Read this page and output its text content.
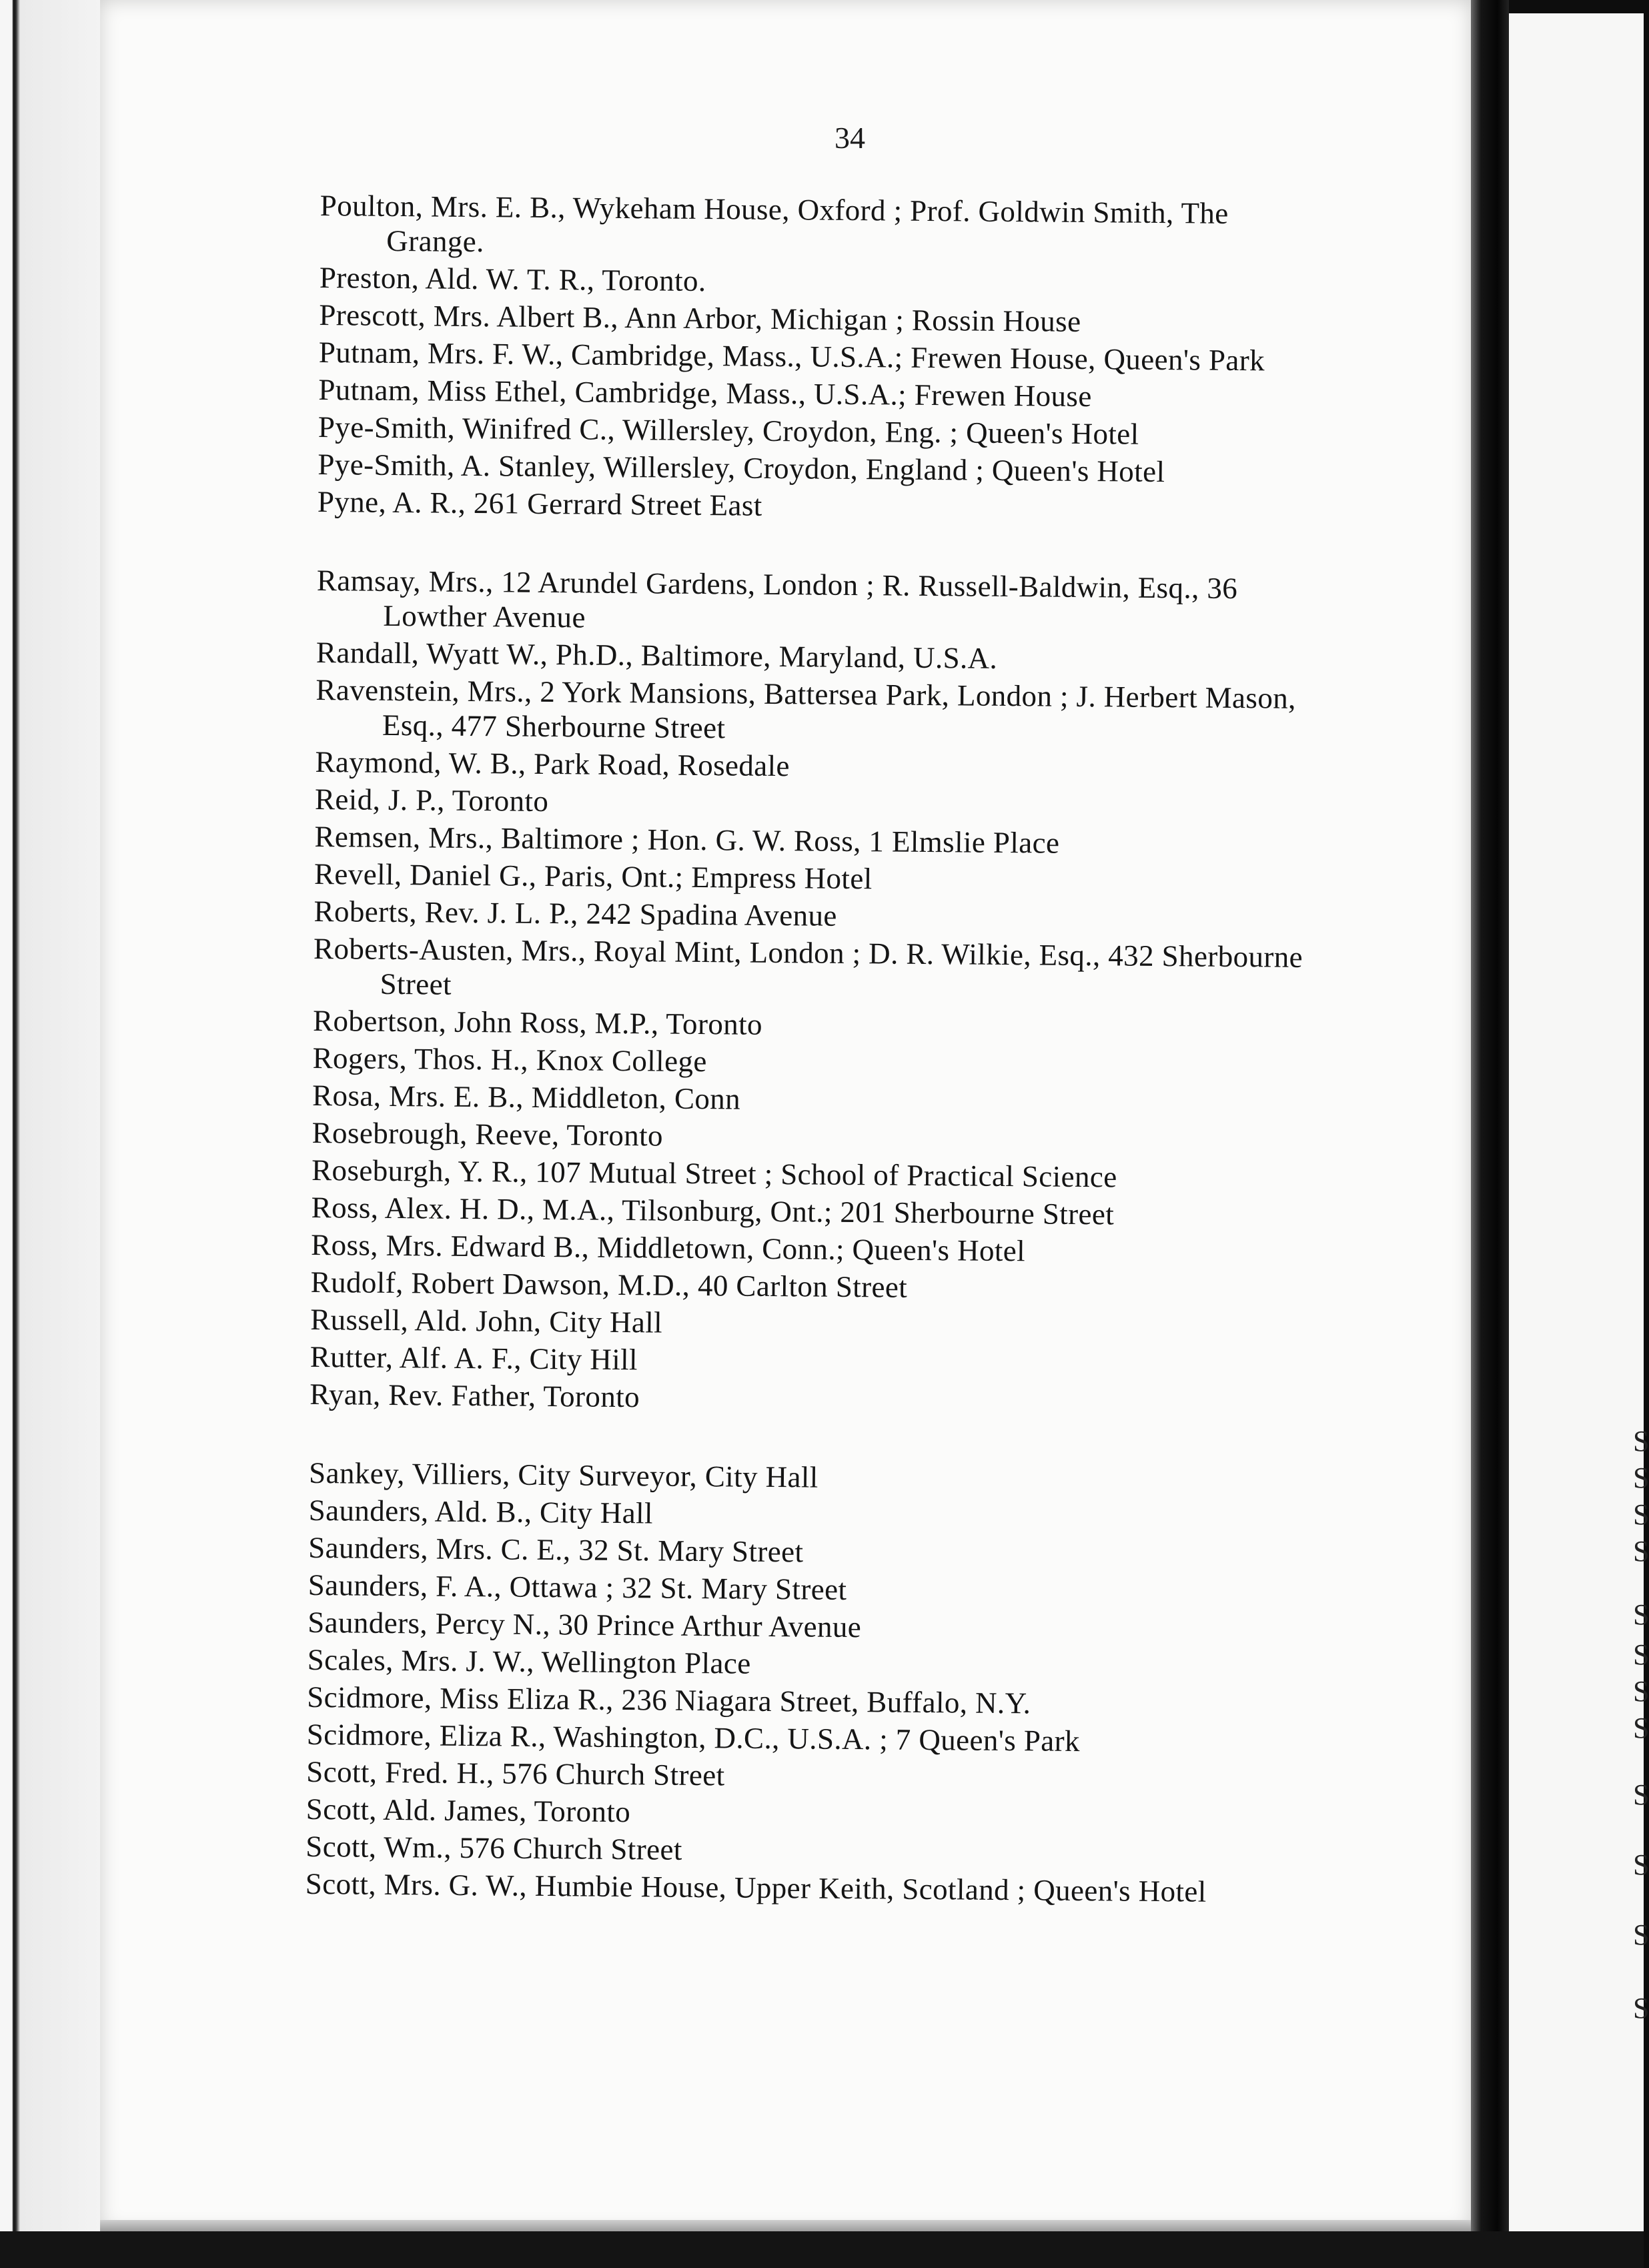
34
Poulton, Mrs. E. B., Wykeham House, Oxford ; Prof. Goldwin Smith, The Grange.
Preston, Ald. W. T. R., Toronto.
Prescott, Mrs. Albert B., Ann Arbor, Michigan ; Rossin House
Putnam, Mrs. F. W., Cambridge, Mass., U.S.A.; Frewen House, Queen's Park
Putnam, Miss Ethel, Cambridge, Mass., U.S.A.; Frewen House
Pye-Smith, Winifred C., Willersley, Croydon, Eng. ; Queen's Hotel
Pye-Smith, A. Stanley, Willersley, Croydon, England ; Queen's Hotel
Pyne, A. R., 261 Gerrard Street East
Ramsay, Mrs., 12 Arundel Gardens, London ; R. Russell-Baldwin, Esq., 36 Lowther Avenue
Randall, Wyatt W., Ph.D., Baltimore, Maryland, U.S.A.
Ravenstein, Mrs., 2 York Mansions, Battersea Park, London ; J. Herbert Mason, Esq., 477 Sherbourne Street
Raymond, W. B., Park Road, Rosedale
Reid, J. P., Toronto
Remsen, Mrs., Baltimore ; Hon. G. W. Ross, 1 Elmslie Place
Revell, Daniel G., Paris, Ont.; Empress Hotel
Roberts, Rev. J. L. P., 242 Spadina Avenue
Roberts-Austen, Mrs., Royal Mint, London ; D. R. Wilkie, Esq., 432 Sherbourne Street
Robertson, John Ross, M.P., Toronto
Rogers, Thos. H., Knox College
Rosa, Mrs. E. B., Middleton, Conn
Rosebrough, Reeve, Toronto
Roseburgh, Y. R., 107 Mutual Street ; School of Practical Science
Ross, Alex. H. D., M.A., Tilsonburg, Ont.; 201 Sherbourne Street
Ross, Mrs. Edward B., Middletown, Conn.; Queen's Hotel
Rudolf, Robert Dawson, M.D., 40 Carlton Street
Russell, Ald. John, City Hall
Rutter, Alf. A. F., City Hill
Ryan, Rev. Father, Toronto
Sankey, Villiers, City Surveyor, City Hall
Saunders, Ald. B., City Hall
Saunders, Mrs. C. E., 32 St. Mary Street
Saunders, F. A., Ottawa ; 32 St. Mary Street
Saunders, Percy N., 30 Prince Arthur Avenue
Scales, Mrs. J. W., Wellington Place
Scidmore, Miss Eliza R., 236 Niagara Street, Buffalo, N.Y.
Scidmore, Eliza R., Washington, D.C., U.S.A. ; 7 Queen's Park
Scott, Fred. H., 576 Church Street
Scott, Ald. James, Toronto
Scott, Wm., 576 Church Street
Scott, Mrs. G. W., Humbie House, Upper Keith, Scotland ; Queen's Hotel
S
S
S
S
S
S
S
S
S
S
S
S
